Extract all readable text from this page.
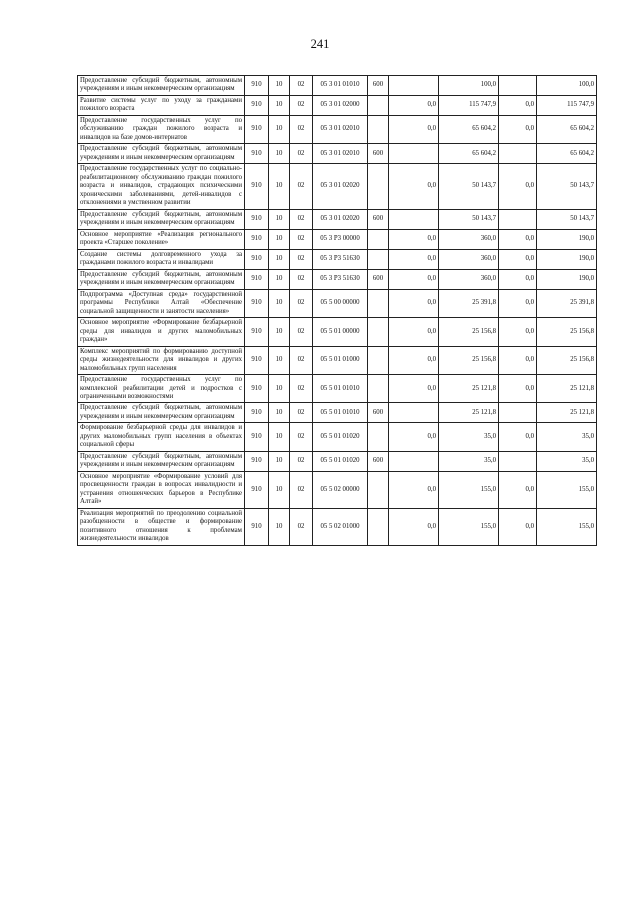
241
Предоставление субсидий бюджетным, автономным учреждениям и иным некоммерческим организациям	910	10	02	05 3 01 01010	600		100,0		100,0
Развитие системы услуг по уходу за гражданами пожилого возраста	910	10	02	05 3 01 02000		0,0	115 747,9	0,0	115 747,9
Предоставление государственных услуг по обслуживанию граждан пожилого возраста и инвалидов на базе домов-интернатов	910	10	02	05 3 01 02010		0,0	65 604,2	0,0	65 604,2
Предоставление субсидий бюджетным, автономным учреждениям и иным некоммерческим организациям	910	10	02	05 3 01 02010	600		65 604,2		65 604,2
Предоставление государственных услуг по социально-реабилитационному обслуживанию граждан пожилого возраста и инвалидов, страдающих психическими хроническими заболеваниями, детей-инвалидов с отклонениями в умственном развитии	910	10	02	05 3 01 02020		0,0	50 143,7	0,0	50 143,7
Предоставление субсидий бюджетным, автономным учреждениям и иным некоммерческим организациям	910	10	02	05 3 01 02020	600		50 143,7		50 143,7
Основное мероприятие «Реализация регионального проекта «Старшее поколение»	910	10	02	05 3 P3 00000		0,0	360,0	0,0	190,0
Создание системы долговременного ухода за гражданами пожилого возраста и инвалидами	910	10	02	05 3 P3 51630		0,0	360,0	0,0	190,0
Предоставление субсидий бюджетным, автономным учреждениям и иным некоммерческим организациям	910	10	02	05 3 P3 51630	600	0,0	360,0	0,0	190,0
Подпрограмма «Доступная среда» государственной программы Республики Алтай «Обеспечение социальной защищенности и занятости населения»	910	10	02	05 5 00 00000		0,0	25 391,8	0,0	25 391,8
Основное мероприятие «Формирование безбарьерной среды для инвалидов и других маломобильных граждан»	910	10	02	05 5 01 00000		0,0	25 156,8	0,0	25 156,8
Комплекс мероприятий по формированию доступной среды жизнедеятельности для инвалидов и других маломобильных групп населения	910	10	02	05 5 01 01000		0,0	25 156,8	0,0	25 156,8
Предоставление государственных услуг по комплексной реабилитации детей и подростков с ограниченными возможностями	910	10	02	05 5 01 01010		0,0	25 121,8	0,0	25 121,8
Предоставление субсидий бюджетным, автономным учреждениям и иным некоммерческим организациям	910	10	02	05 5 01 01010	600		25 121,8		25 121,8
Формирование безбарьерной среды для инвалидов и других маломобильных групп населения в объектах социальной сферы	910	10	02	05 5 01 01020		0,0	35,0	0,0	35,0
Предоставление субсидий бюджетным, автономным учреждениям и иным некоммерческим организациям	910	10	02	05 5 01 01020	600		35,0		35,0
Основное мероприятие «Формирование условий для просвещенности граждан в вопросах инвалидности и устранения отношенческих барьеров в Республике Алтай»	910	10	02	05 5 02 00000		0,0	155,0	0,0	155,0
Реализация мероприятий по преодолению социальной разобщенности в обществе и формирование позитивного отношения к проблемам жизнедеятельности инвалидов	910	10	02	05 5 02 01000		0,0	155,0	0,0	155,0
